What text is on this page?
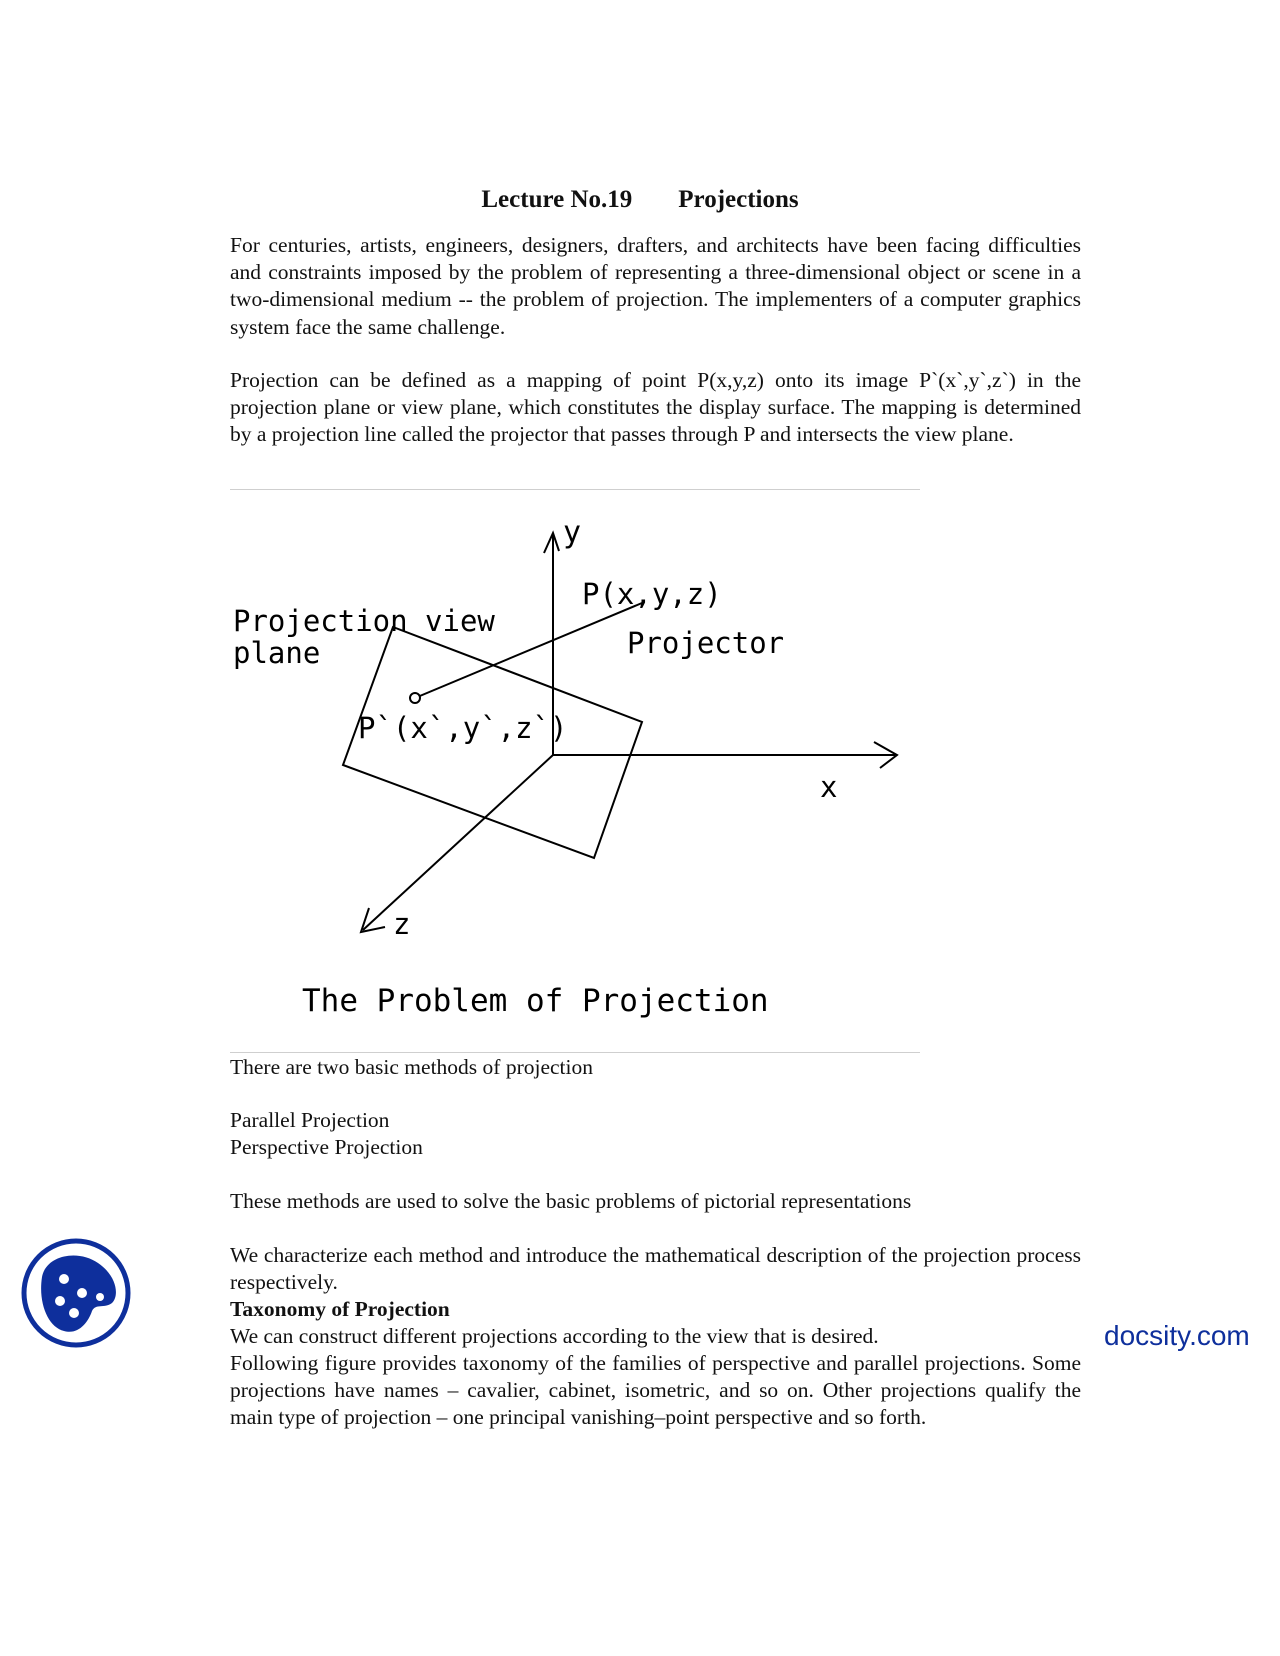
Lecture No.19 Projections

For centuries, artists, engineers, designers, drafters, and architects have been facing difficulties and constraints imposed by the problem of representing a three-dimensional object or scene in a two-dimensional medium -- the problem of projection. The implementers of a computer graphics system face the same challenge.

Projection can be defined as a mapping of point P(x,y,z) onto its image P`(x`,y`,z`) in the projection plane or view plane, which constitutes the display surface. The mapping is determined by a projection line called the projector that passes through P and intersects the view plane.

y
P(x,y,z)
Projection view
plane	Projector
P`(x`,y`,z`)
x
z
The Problem of Projection

There are two basic methods of projection

Parallel Projection

Perspective Projection

These methods are used to solve the basic problems of pictorial representations

We characterize each method and introduce the mathematical description of the projection process respectively.

Taxonomy of Projection

We can construct different projections according to the view that is desired.

Following figure provides taxonomy of the families of perspective and parallel projections. Some projections have names – cavalier, cabinet, isometric, and so on. Other projections qualify the main type of projection – one principal vanishing–point perspective and so forth.

docsity.com
